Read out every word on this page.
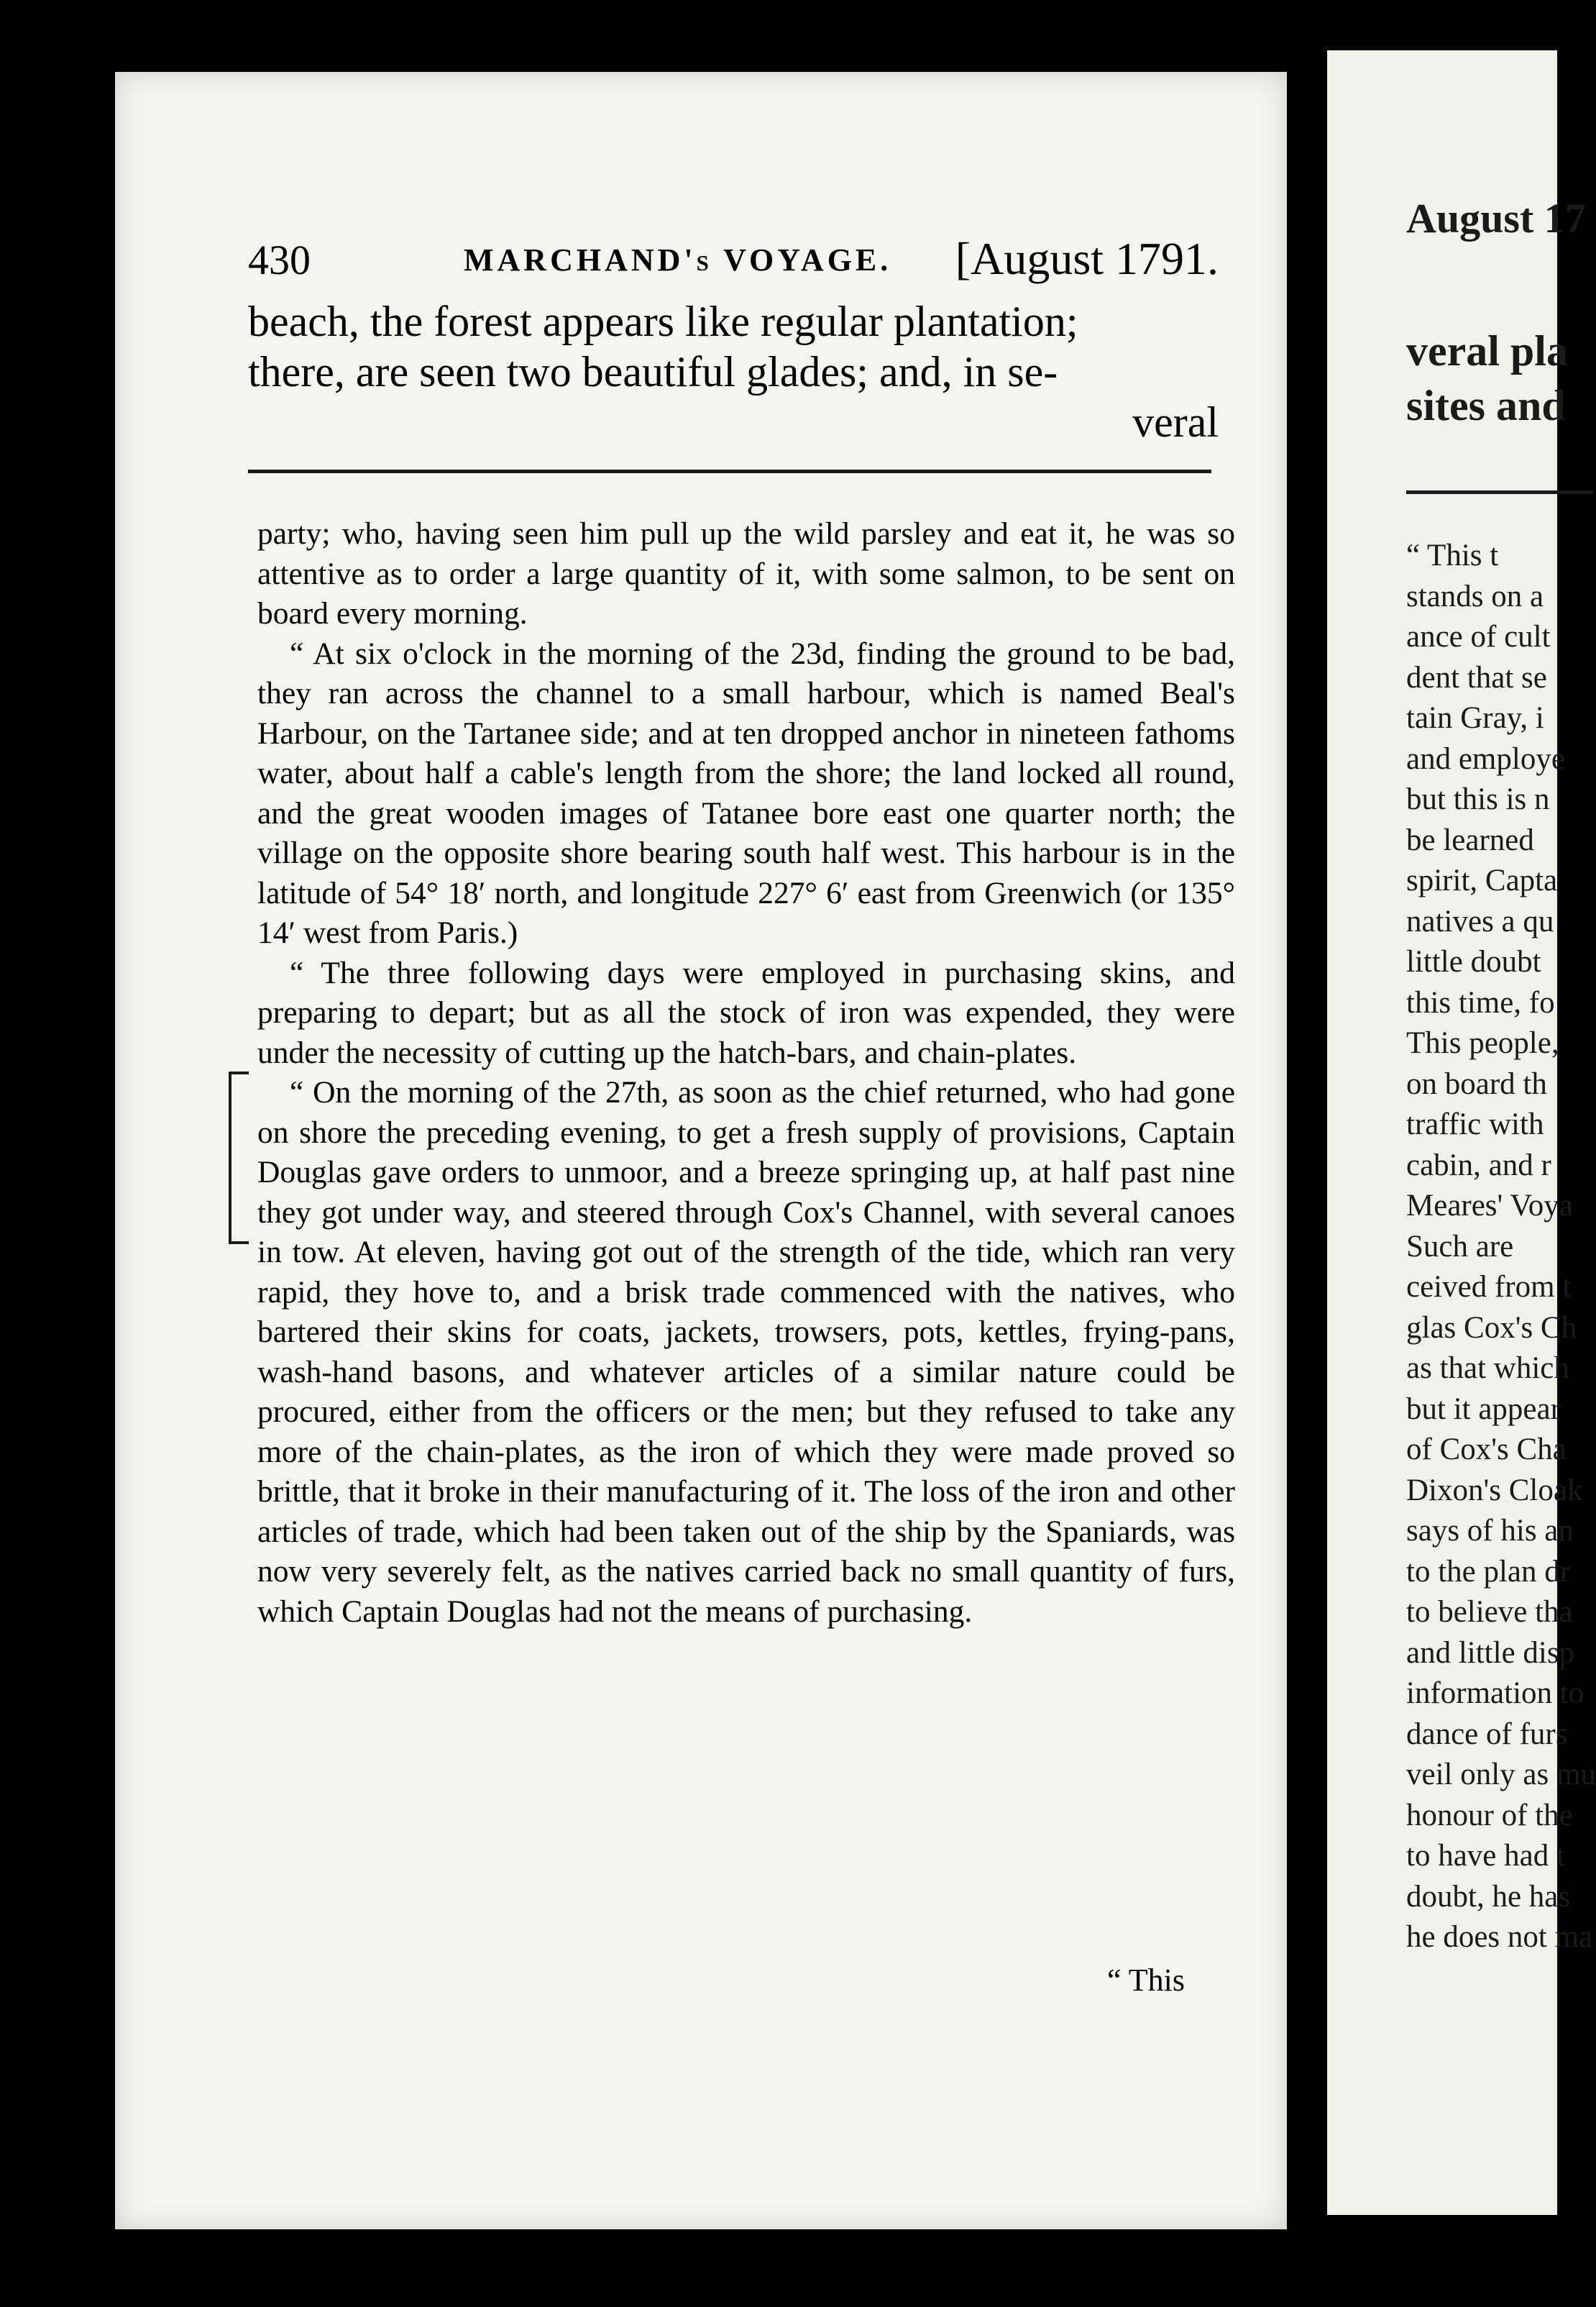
August 17
veral pla
sites and
“ This t
stands on a
ance of cult
dent that se
tain Gray, i
and employe
but this is n
be learned
spirit, Capta
natives a qu
little doubt
this time, fo
This people,
on board th
traffic with
cabin, and r
Meares' Voya
Such are
ceived from t
glas Cox's Ch
as that which
but it appear
of Cox's Cha
Dixon's Cloak
says of his an
to the plan dr
to believe tha
and little disp
information to
dance of furs
veil only as mu
honour of the
to have had t
doubt, he has
he does not ma
430	MARCHAND's VOYAGE. [August 1791.
beach, the forest appears like regular plantation;
there, are seen two beautiful glades; and, in se-

veral

party; who, having seen him pull up the wild parsley and eat it, he was so attentive as to order a large quantity of it, with some salmon, to be sent on board every morning.

“ At six o'clock in the morning of the 23d, finding the ground to be bad, they ran across the channel to a small harbour, which is named Beal's Harbour, on the Tartanee side; and at ten dropped anchor in nineteen fathoms water, about half a cable's length from the shore; the land locked all round, and the great wooden images of Tatanee bore east one quarter north; the village on the opposite shore bearing south half west. This harbour is in the latitude of 54° 18′ north, and longitude 227° 6′ east from Greenwich (or 135° 14′ west from Paris.)

“ The three following days were employed in purchasing skins, and preparing to depart; but as all the stock of iron was expended, they were under the necessity of cutting up the hatch-bars, and chain-plates.

“ On the morning of the 27th, as soon as the chief returned, who had gone on shore the preceding evening, to get a fresh supply of provisions, Captain Douglas gave orders to unmoor, and a breeze springing up, at half past nine they got under way, and steered through Cox's Channel, with several canoes in tow. At eleven, having got out of the strength of the tide, which ran very rapid, they hove to, and a brisk trade commenced with the natives, who bartered their skins for coats, jackets, trowsers, pots, kettles, frying-pans, wash-hand basons, and whatever articles of a similar nature could be procured, either from the officers or the men; but they refused to take any more of the chain-plates, as the iron of which they were made proved so brittle, that it broke in their manufacturing of it. The loss of the iron and other articles of trade, which had been taken out of the ship by the Spaniards, was now very severely felt, as the natives carried back no small quantity of furs, which Captain Douglas had not the means of purchasing.

“ This
